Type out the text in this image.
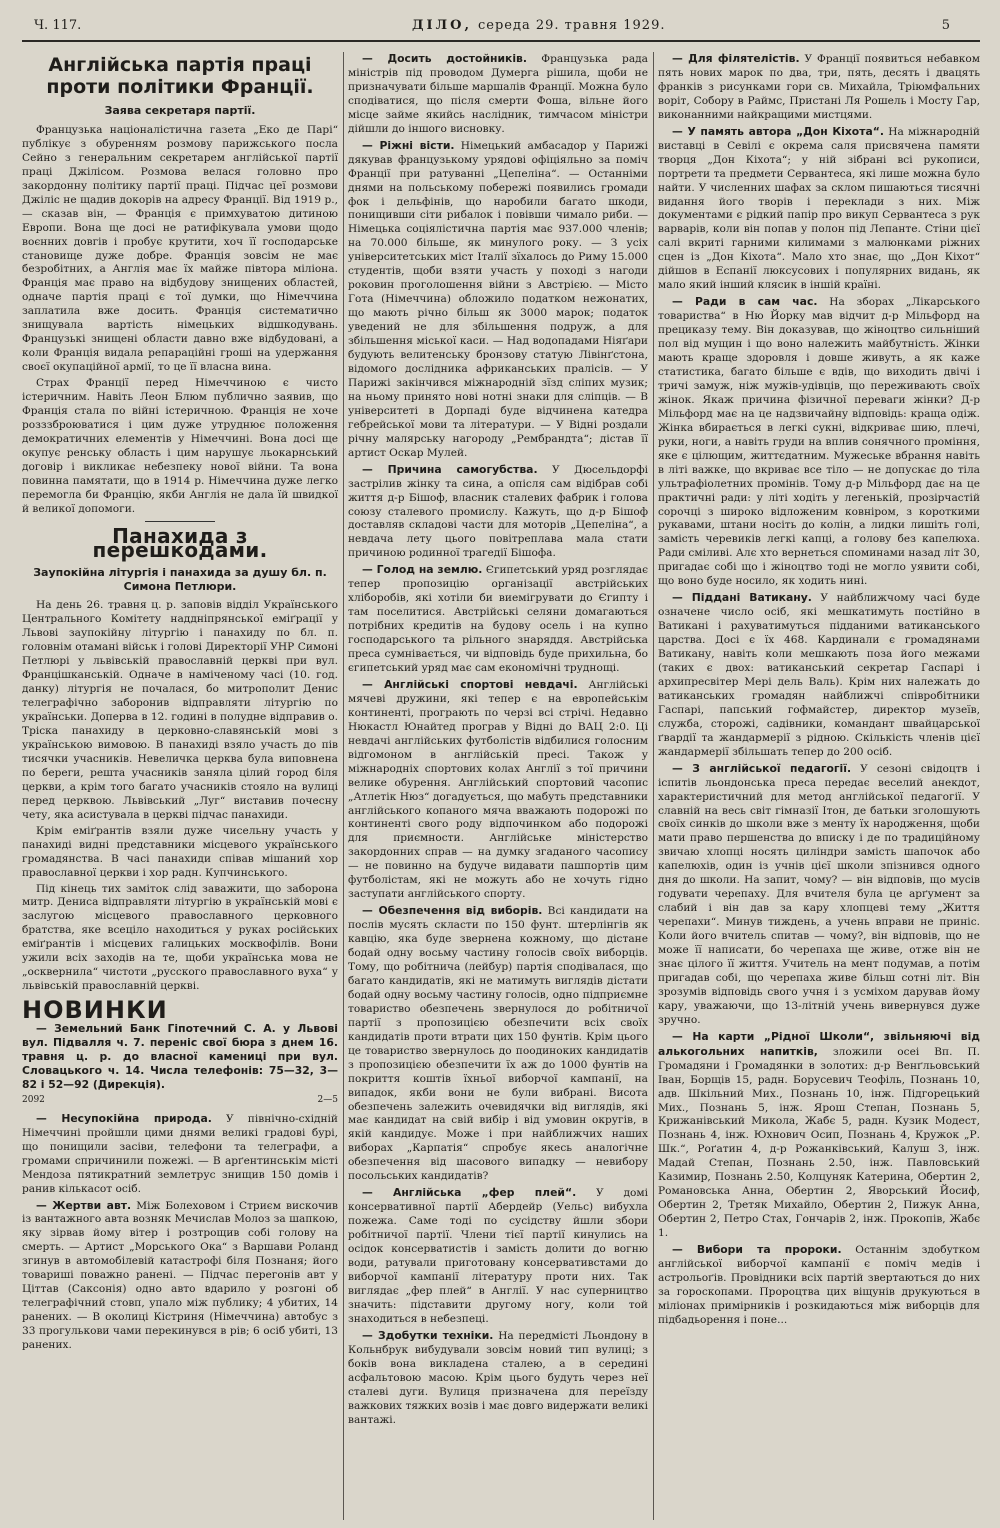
Ч. 117.	ДІЛО, середа 29. травня 1929.	5
Англійська партія праці проти політики Франції.
Заява секретаря партії.

Французька націоналістична газета „Еко де Парі“ публікує з обуренням розмову парижського посла Сейно з генеральним секретарем англійської партії праці Джілісом. Розмова велася головно про закордонну політику партії праці. Підчас цеї розмови Джіліс не щадив докорів на адресу Франції. Від 1919 р., — сказав він, — Франція є примхуватою дитиною Европи. Вона ще досі не ратифікувала умови щодо воєнних довгів і пробує крутити, хоч її господарське становище дуже добре. Франція зовсім не має безробітних, а Англія має їх майже півтора міліона. Франція має право на відбудову знищених областей, одначе партія праці є тої думки, що Німеччина заплатила вже досить. Франція систематично знищувала вартість німецьких відшкодувань. Французькі знищені области давно вже відбудовані, а коли Франція видала репараційні гроші на удержання своєї окупаційної армії, то це її власна вина.

Страх Франції перед Німеччиною є чисто істеричним. Навіть Леон Блюм публично заявив, що Франція стала по війні істеричною. Франція не хоче розззброюватися і цим дуже утруднює положення демократичних елементів у Німеччині. Вона досі ще окупує ренську область і цим нарушує льокарнський договір і викликає небезпеку нової війни. Та вона повинна памятати, що в 1914 р. Німеччина дуже легко перемогла би Францію, якби Англія не дала їй швидкої й великої допомоги.

Панахида з перешкодами.
Заупокійна літургія і панахида за душу бл. п. Симона Петлюри.

На день 26. травня ц. р. заповів відділ Українського Центрального Комітету наддніпрянської еміґрації у Львові заупокійну літургію і панахиду по бл. п. головнім отамані військ і голові Директорії УНР Симоні Петлюрі у львівській православній церкві при вул. Францішканській. Одначе в наміченому часі (10. год. данку) літургія не почалася, бо митрополит Денис телеграфічно заборонив відправляти літургію по українськи. Доперва в 12. годині в полудне відправив о. Тріска панахиду в церковно-славянській мові з українською вимовою. В панахиді взяло участь до пів тисячки учасників. Невеличка церква була виповнена по береги, решта учасників заняла цілий город біля церкви, а крім того багато учасників стояло на вулиці перед церквою. Львівський „Луг“ виставив почесну чету, яка асистувала в церкві підчас панахиди.

Крім еміґрантів взяли дуже чисельну участь у панахиді видні представники місцевого українського громадянства. В часі панахиди співав мішаний хор православної церкви і хор радн. Купчинського.

Під кінець тих заміток слід заважити, що заборона митр. Дениса відправляти літургію в українській мові є заслугою місцевого православного церковного братства, яке всеціло находиться у руках російських еміґрантів і місцевих галицьких москвофілів. Вони ужили всіх заходів на те, щоби українська мова не „осквернила“ чистоти „русского православного вуха“ у львівській православній церкві.

НОВИНКИ

— Земельний Банк Гіпотечний С. А. у Львові вул. Підвалля ч. 7. переніс свої бюра з днем 16. травня ц. р. до власної камениці при вул. Словацького ч. 14. Числа телефонів: 75—32, 3—82 і 52—92 (Дирекція).

2092	2—5

— Несупокійна природа. У північно-східній Німеччині пройшли цими днями великі градові бурі, що понищили засіви, телефони та телеграфи, а громами спричинили пожежі. — В арґентинськім місті Мендоза пятикратний землетрус знищив 150 домів і ранив кількасот осіб.

— Жертви авт. Між Болеховом і Стриєм вискочив із вантажного авта возняк Мечислав Молоз за шапкою, яку зірвав йому вітер і розтрощив собі голову на смерть. — Артист „Морського Ока“ з Варшави Роланд згинув в автомобілевій катастрофі біля Познаня; його товариші поважно ранені. — Підчас перегонів авт у Ціттав (Саксонія) одно авто вдарило у розгоні об телеграфічний стовп, упало між публику; 4 убитих, 14 ранених. — В околиці Кістриня (Німеччина) автобус з 33 прогулькови чами перекинувся в рів; 6 осіб убиті, 13 ранених.

— Досить достойників. Французька рада міністрів під проводом Думерга рішила, щоби не призначувати більше маршалів Франції. Можна було сподіватися, що після смерти Фоша, вільне його місце займе якийсь наслідник, тимчасом міністри дійшли до іншого висновку.

— Ріжні вісти. Німецький амбасадор у Парижі дякував французькому урядові офіціяльно за поміч Франції при ратуванні „Цепеліна“. — Останніми днями на польському побережі появились громади фок і дельфінів, що наробили багато шкоди, понищивши сіти рибалок і повівши чимало риби. — Німецька соціялістична партія має 937.000 членів; на 70.000 більше, як минулого року. — З усіх університетських міст Італії зїхалось до Риму 15.000 студентів, щоби взяти участь у поході з нагоди роковин проголошення війни з Австрією. — Місто Гота (Німеччина) обложило податком нежонатих, що мають річно більш як 3000 марок; податок уведений не для збільшення подруж, а для збільшення міської каси. — Над водопадами Ніяґари будують велитенську бронзову статую Лівінґстона, відомого дослідника африканських пралісів. — У Парижі закінчився міжнародній зїзд сліпих музик; на ньому принято нові нотні знаки для сліпців. — В університеті в Дорпаді буде відчинена катедра гебрейської мови та літератури. — У Відні роздали річну малярську нагороду „Рембрандта“; дістав її артист Оскар Мулей.

— Причина самогубства. У Дюсельдорфі застрілив жінку та сина, а опісля сам відібрав собі життя д-р Бішоф, власник сталевих фабрик і голова союзу сталевого промислу. Кажуть, що д-р Бішоф доставляв складові части для моторів „Цепеліна“, а невдача лету цього повітреплава мала стати причиною родинної трагедії Бішофа.

— Голод на землю. Єгипетський уряд розглядає тепер пропозицію організації австрійських хліборобів, які хотіли би виемігрувати до Єгипту і там поселитися. Австрійські селяни домагаються потрібних кредитів на будову осель і на купно господарського та рільного знаряддя. Австрійська преса сумнівається, чи відповідь буде прихильна, бо єгипетський уряд має сам економічні труднощі.

— Англійські спортові невдачі. Англійські мячеві дружини, які тепер є на европейськім континенті, програють по черзі всі стрічі. Недавно Нюкастл Юнайтед програв у Відні до ВАЦ 2:0. Ці невдачі англійських футболістів відбилися голосним відгомоном в англійській пресі. Також у міжнародніх спортових колах Англії з тої причини велике обурення. Англійський спортовий часопис „Атлетік Нюз“ догадується, що мабуть представники англійського копаного мяча вважають подорожі по континенті свого роду відпочинком або подорожі для приємности. Англійське міністерство закордонних справ — на думку згаданого часопису — не повинно на будуче видавати пашпортів цим футболістам, які не можуть або не хочуть гідно заступати англійського спорту.

— Обезпечення від виборів. Всі кандидати на послів мусять скласти по 150 фунт. штерлінгів як кавцію, яка буде звернена кожному, що дістане бодай одну восьму частину голосів своїх виборців. Тому, що робітнича (лейбур) партія сподівалася, що багато кандидатів, які не матимуть виглядів дістати бодай одну восьму частину голосів, одно підприємне товариство обезпечень звернулося до робітничої партії з пропозицією обезпечити всіх своїх кандидатів проти втрати цих 150 фунтів. Крім цього це товариство звернулось до поодиноких кандидатів з пропозицією обезпечити їх аж до 1000 фунтів на покриття коштів їхньої виборчої кампанії, на випадок, якби вони не були вибрані. Висота обезпечень залежить очевидячки від виглядів, які має кандидат на свій вибір і від умовин округів, в якій кандидує. Може і при найближчих наших виборах „Карпатія“ спробує якесь аналогічне обезпечення від шасового випадку — невибору посольських кандидатів?

— Англійська „фер плей“. У домі консервативної партії Абердейр (Уельс) вибухла пожежа. Саме тоді по сусідству йшли збори робітничої партії. Члени тієї партії кинулись на осідок консерватистів і замість долити до вогню води, ратували приготовану консервативстами до виборчої кампанії літературу проти них. Так виглядає „фер плей“ в Англії. У нас суперництво значить: підставити другому ногу, коли той знаходиться в небезпеці.

— Здобутки техніки. На передмісті Льондону в Кольнбрук вибудували зовсім новий тип вулиці; з боків вона викладена сталею, а в середині асфальтовою масою. Крім цього будуть через неї сталеві дуги. Вулиця призначена для переїзду важкових тяжких возів і має довго видержати великі вантажі.

— Для філятелістів. У Франції появиться небавком пять нових марок по два, три, пять, десять і двацять франків з рисунками гори св. Михайла, Тріюмфальних воріт, Собору в Раймс, Пристані Ля Рошель і Мосту Гар, виконанними найкращими мистцями.

— У память автора „Дон Кіхота“. На міжнародній виставці в Севілі є окрема саля присвячена памяти творця „Дон Кіхота“; у ній зібрані всі рукописи, портрети та предмети Сервантеса, які лише можна було найти. У численних шафах за склом пишаються тисячні видання його творів і переклади з них. Між документами є рідкий папір про викуп Сервантеса з рук варварів, коли він попав у полон під Лепанте. Стіни цієї салі вкриті гарними килимами з малюнками ріжних сцен із „Дон Кіхота“. Мало хто знає, що „Дон Кіхот“ дійшов в Еспанії люксусових і популярних видань, як мало який інший клясик в іншій країні.

— Ради в сам час. На зборах „Лікарського товариства“ в Ню Йорку мав відчит д-р Мільфорд на прециказу тему. Він доказував, що жіноцтво сильніший пол від мущин і що воно належить майбутність. Жінки мають краще здоровля і довше живуть, а як каже статистика, багато більше є вдів, що виходить двічі і тричі замуж, ніж мужів-удівців, що переживають своїх жінок. Якаж причина фізичної переваги жінки? Д-р Мільфорд має на це надзвичайну відповідь: краща одіж. Жінка вбирається в легкі сукні, відкриває шию, плечі, руки, ноги, а навіть груди на вплив сонячного проміння, яке є цілющим, життєдатним. Мужеське вбрання навіть в літі важке, що вкриває все тіло — не допускає до тіла ультрафіолетних промінів. Тому д-р Мільфорд дає на це практичні ради: у літі ходіть у легенькій, прозірчастій сорочці з широко відложеним ковніром, з короткими рукавами, штани носіть до колін, а лидки лишіть голі, замість черевиків легкі капці, а голову без капелюха. Ради сміливі. Алє хто вернеться споминами назад літ 30, пригадає собі що і жіноцтво тоді не могло уявити собі, що воно буде носило, як ходить нині.

— Піддані Ватикану. У найближчому часі буде означене число осіб, які мешкатимуть постійно в Ватикані і рахуватимуться підданими ватиканського царства. Досі є їх 468. Кардинали є громадянами Ватикану, навіть коли мешкають поза його межами (таких є двох: ватиканський секретар Гаспарі і архипресвітер Мері дель Валь). Крім них належать до ватиканських громадян найближчі співробітники Гаспарі, папський гофмайстер, директор музеїв, служба, сторожі, садівники, командант швайцарської ґвардії та жандармерії з рідною. Скількість членів цієї жандармерії збільшать тепер до 200 осіб.

— З англійської педагогії. У сезоні свідоцтв і іспитів льондонська преса передає веселий анекдот, характеристичний для метод англійської педагогії. У славній на весь світ гімназії Ітон, де батьки зголошують своїх синків до школи вже з менту їх народження, щоби мати право першенства до вписку і де по традиційному звичаю хлопці носять циліндри замість шапочок або капелюхів, один із учнів цієї школи зпізнився одного дня до школи. На запит, чому? — він відповів, що мусів годувати черепаху. Для вчителя була це арґумент за слабий і він дав за кару хлопцеві тему „Життя черепахи“. Минув тиждень, а учень вправи не приніс. Коли його вчитель спитав — чому?, він відповів, що не може її написати, бо черепаха ще живе, отже він не знає цілого її життя. Учитель на мент подумав, а потім пригадав собі, що черепаха живе більш сотні літ. Він зрозумів відповідь свого учня і з усміхом дарував йому кару, уважаючи, що 13-літній учень вивернувся дуже зручно.

— На карти „Рідної Школи“, звільняючі від алькогольних напитків, зложили осеі Вп. П. Громадяни і Громадянки в золотих: д-р Венґльовський Іван, Борщів 15, радн. Борусевич Теофіль, Познань 10, адв. Шкільний Мих., Познань 10, інж. Підгорецький Мих., Познань 5, інж. Ярош Степан, Познань 5, Крижанівський Микола, Жабє 5, радн. Кузик Модест, Познань 4, інж. Юхнович Осип, Познань 4, Кружок „Р. Шк.“, Роґатин 4, д-р Рожанківський, Калуш 3, інж. Мадай Степан, Познань 2.50, інж. Павловський Казимир, Познань 2.50, Колцуняк Катерина, Обертин 2, Романовська Анна, Обертин 2, Яворський Йосиф, Обертин 2, Третяк Михайло, Обертин 2, Пижук Анна, Обертин 2, Петро Стах, Гончарів 2, інж. Прокопів, Жабє 1.

— Вибори та пророки. Останнім здобутком англійської виборчої кампанії є поміч медів і астрольоґів. Провідники всіх партій звертаються до них за гороскопами. Пророцтва цих віщунів друкуються в міліонах примірників і розкидаються між виборців для підбадьорення і поне...
